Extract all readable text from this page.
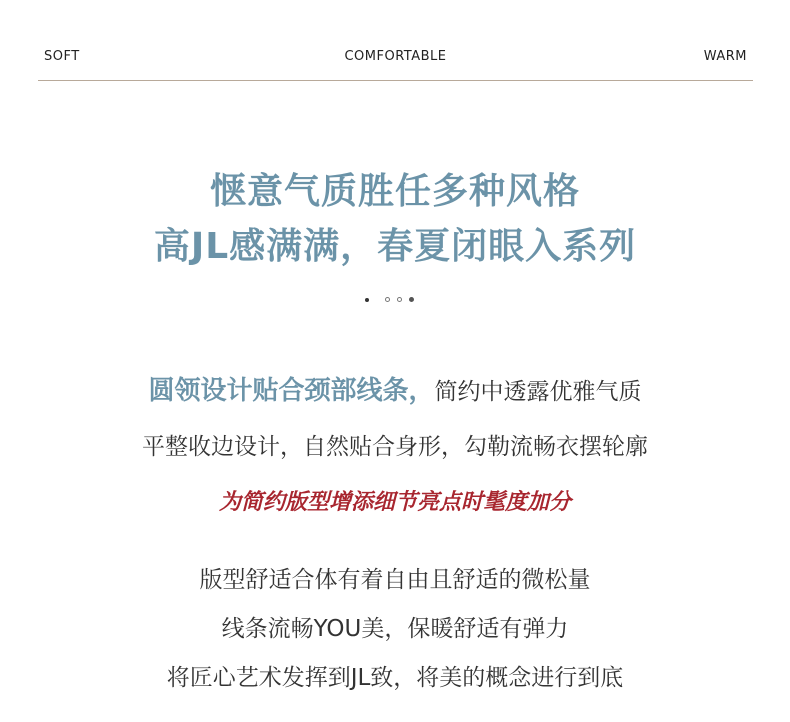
SOFT	COMFORTABLE	WARM
惬意气质胜任多种风格
高JL感满满，春夏闭眼入系列
圆领设计贴合颈部线条，简约中透露优雅气质
平整收边设计，自然贴合身形，勾勒流畅衣摆轮廓
为简约版型增添细节亮点时髦度加分
版型舒适合体有着自由且舒适的微松量
线条流畅YOU美，保暖舒适有弹力
将匠心艺术发挥到JL致，将美的概念进行到底
